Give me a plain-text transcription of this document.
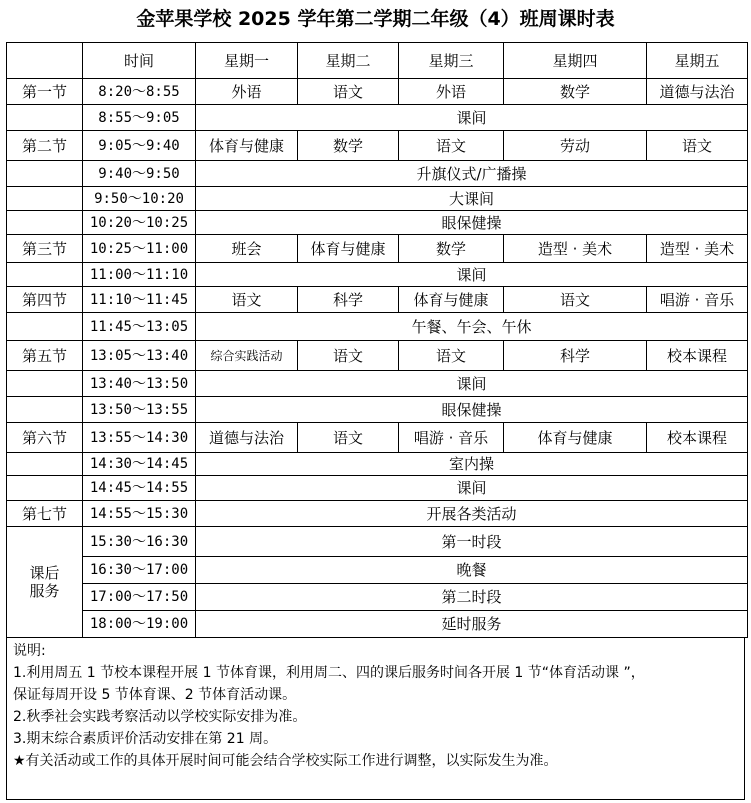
金苹果学校 2025 学年第二学期二年级（4）班周课时表
	时间	星期一	星期二	星期三	星期四	星期五
第一节	8:20～8:55	外语	语文	外语	数学	道德与法治
	8:55～9:05	课间				
第二节	9:05～9:40	体育与健康	数学	语文	劳动	语文
	9:40～9:50	升旗仪式/广播操				
	9:50～10:20	大课间				
	10:20～10:25	眼保健操				
第三节	10:25～11:00	班会	体育与健康	数学	造型 · 美术	造型 · 美术
	11:00～11:10	课间				
第四节	11:10～11:45	语文	科学	体育与健康	语文	唱游 · 音乐
	11:45～13:05	午餐、午会、午休				
第五节	13:05～13:40	综合实践活动	语文	语文	科学	校本课程
	13:40～13:50	课间				
	13:50～13:55	眼保健操				
第六节	13:55～14:30	道德与法治	语文	唱游 · 音乐	体育与健康	校本课程
	14:30～14:45	室内操				
	14:45～14:55	课间				
第七节	14:55～15:30	开展各类活动				

课后
服务	15:30～16:30	第一时段				
	16:30～17:00	晚餐				
	17:00～17:50	第二时段				
	18:00～19:00	延时服务				
说明:
1.利用周五 1 节校本课程开展 1 节体育课，利用周二、四的课后服务时间各开展 1 节“体育活动课 ”，
保证每周开设 5 节体育课、2 节体育活动课。
2.秋季社会实践考察活动以学校实际安排为准。
3.期末综合素质评价活动安排在第 21 周。
★有关活动或工作的具体开展时间可能会结合学校实际工作进行调整，以实际发生为准。
